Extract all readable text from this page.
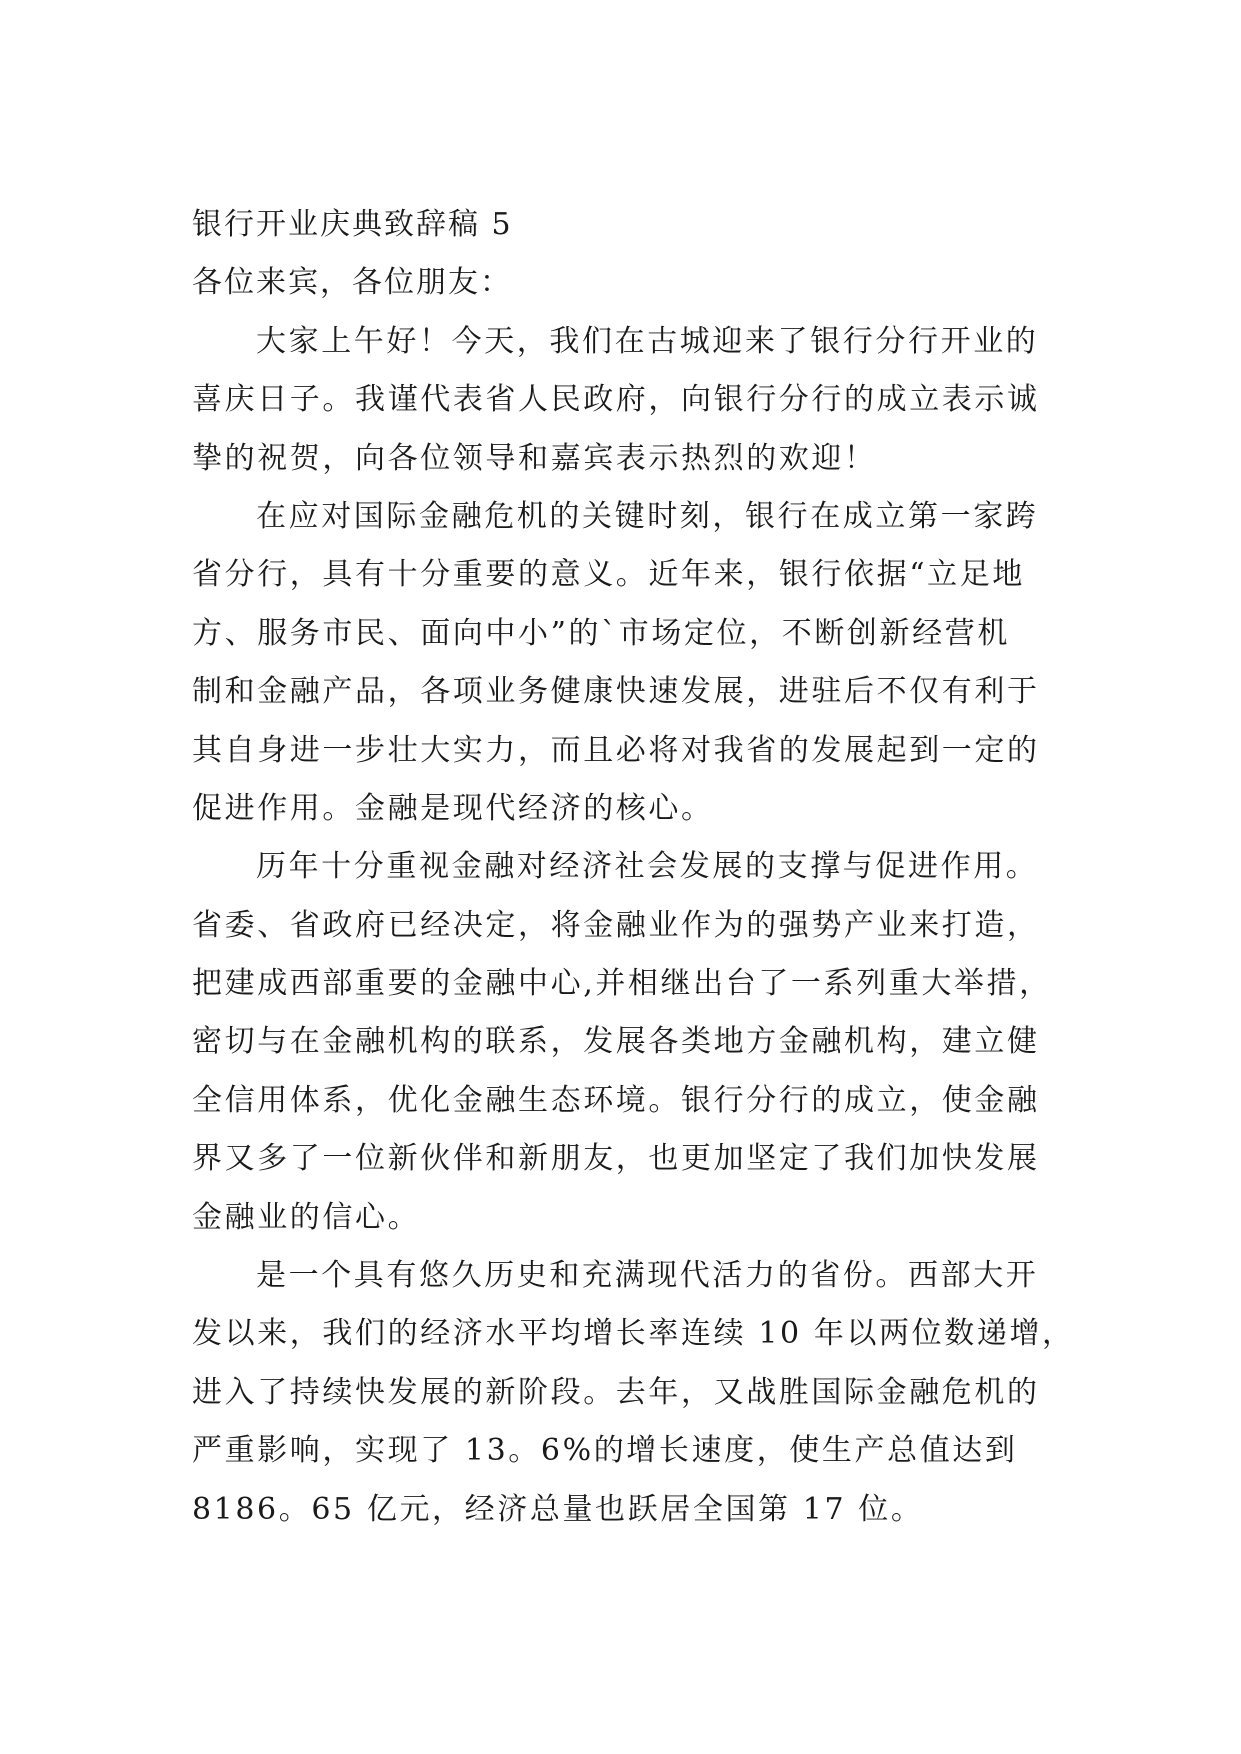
银行开业庆典致辞稿 5

各位来宾，各位朋友：

大家上午好！今天，我们在古城迎来了银行分行开业的

喜庆日子。我谨代表省人民政府，向银行分行的成立表示诚

挚的祝贺，向各位领导和嘉宾表示热烈的欢迎！

在应对国际金融危机的关键时刻，银行在成立第一家跨

省分行，具有十分重要的意义。近年来，银行依据“立足地

方、服务市民、面向中小”的`市场定位，不断创新经营机

制和金融产品，各项业务健康快速发展，进驻后不仅有利于

其自身进一步壮大实力，而且必将对我省的发展起到一定的

促进作用。金融是现代经济的核心。

历年十分重视金融对经济社会发展的支撑与促进作用。

省委、省政府已经决定，将金融业作为的强势产业来打造，

把建成西部重要的金融中心,并相继出台了一系列重大举措，

密切与在金融机构的联系，发展各类地方金融机构，建立健

全信用体系，优化金融生态环境。银行分行的成立，使金融

界又多了一位新伙伴和新朋友，也更加坚定了我们加快发展

金融业的信心。

是一个具有悠久历史和充满现代活力的省份。西部大开

发以来，我们的经济水平均增长率连续 10 年以两位数递增，

进入了持续快发展的新阶段。去年，又战胜国际金融危机的

严重影响，实现了 13。6%的增长速度，使生产总值达到

8186。65 亿元，经济总量也跃居全国第 17 位。
